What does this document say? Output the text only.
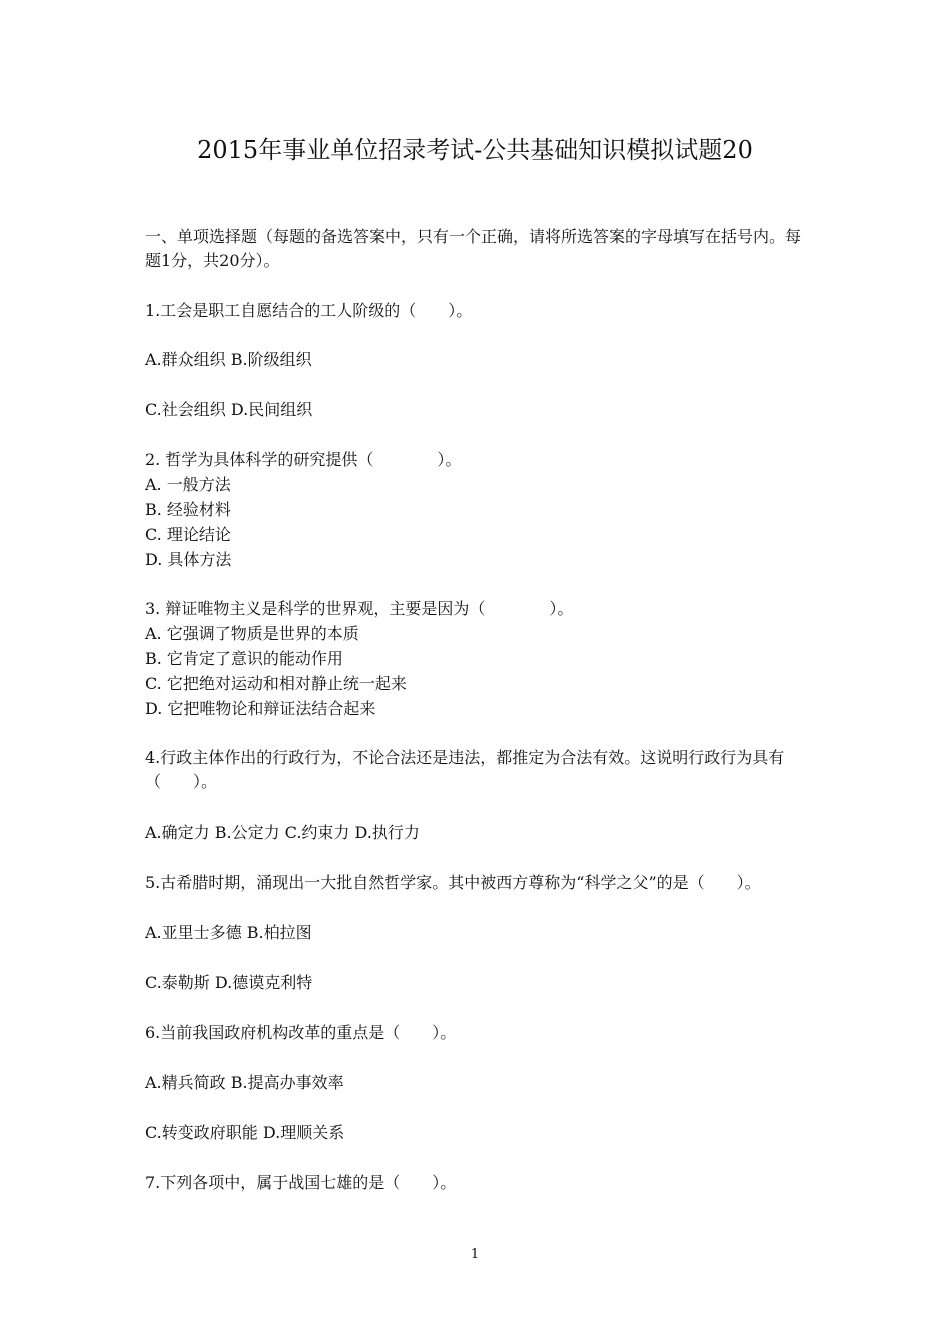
2015年事业单位招录考试-公共基础知识模拟试题20

一、单项选择题（每题的备选答案中，只有一个正确，请将所选答案的字母填写在括号内。每题1分，共20分）。

1.工会是职工自愿结合的工人阶级的（　　）。

A.群众组织 B.阶级组织

C.社会组织 D.民间组织

2. 哲学为具体科学的研究提供（　　　　）。

A. 一般方法

B. 经验材料

C. 理论结论

D. 具体方法

3. 辩证唯物主义是科学的世界观，主要是因为（　　　　）。

A. 它强调了物质是世界的本质

B. 它肯定了意识的能动作用

C. 它把绝对运动和相对静止统一起来

D. 它把唯物论和辩证法结合起来

4.行政主体作出的行政行为，不论合法还是违法，都推定为合法有效。这说明行政行为具有（　　）。

A.确定力 B.公定力 C.约束力 D.执行力

5.古希腊时期，涌现出一大批自然哲学家。其中被西方尊称为“科学之父”的是（　　）。

A.亚里士多德 B.柏拉图

C.泰勒斯 D.德谟克利特

6.当前我国政府机构改革的重点是（　　）。

A.精兵简政 B.提高办事效率

C.转变政府职能 D.理顺关系

7.下列各项中，属于战国七雄的是（　　）。

1
